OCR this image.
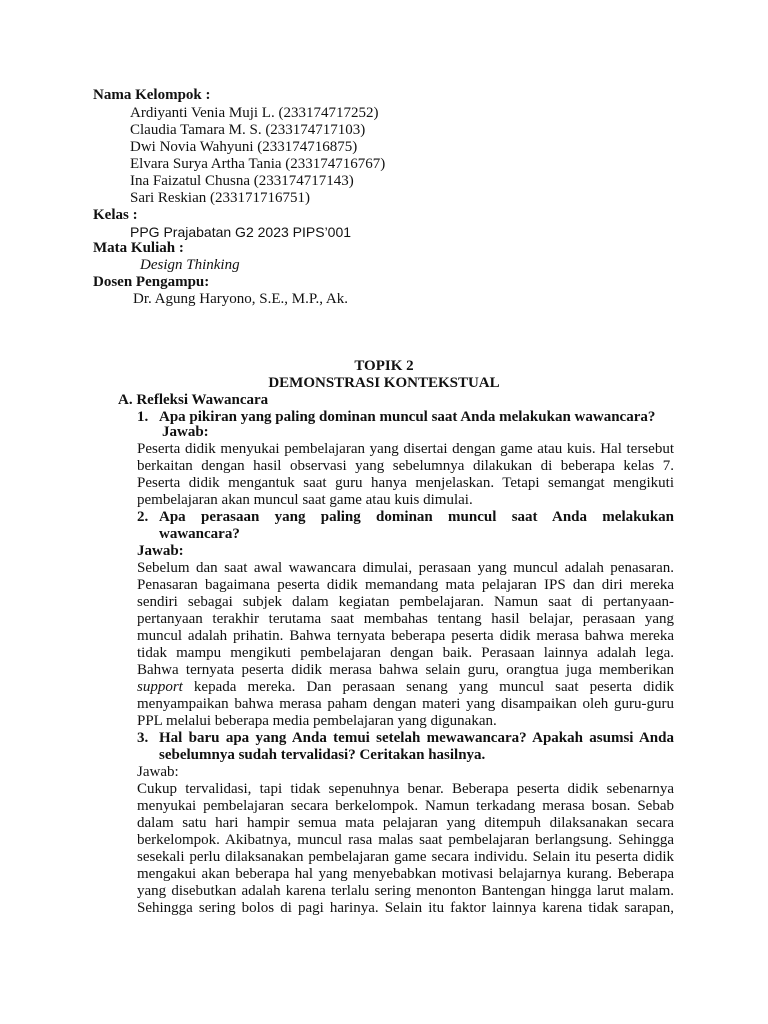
Nama Kelompok :
Ardiyanti Venia Muji L. (233174717252)
Claudia Tamara M. S. (233174717103)
Dwi Novia Wahyuni (233174716875)
Elvara Surya Artha Tania (233174716767)
Ina Faizatul Chusna (233174717143)
Sari Reskian (233171716751)
Kelas :
PPG Prajabatan G2 2023 PIPS’001
Mata Kuliah :
Design Thinking
Dosen Pengampu:
Dr. Agung Haryono, S.E., M.P., Ak.
TOPIK 2
DEMONSTRASI KONTEKSTUAL
A. Refleksi Wawancara
1. Apa pikiran yang paling dominan muncul saat Anda melakukan wawancara?
Jawab:
Peserta didik menyukai pembelajaran yang disertai dengan game atau kuis. Hal tersebut
berkaitan dengan hasil observasi yang sebelumnya dilakukan di beberapa kelas 7.
Peserta didik mengantuk saat guru hanya menjelaskan. Tetapi semangat mengikuti
pembelajaran akan muncul saat game atau kuis dimulai.
2. Apa perasaan yang paling dominan muncul saat Anda melakukan
wawancara?
Jawab:
Sebelum dan saat awal wawancara dimulai, perasaan yang muncul adalah penasaran.
Penasaran bagaimana peserta didik memandang mata pelajaran IPS dan diri mereka
sendiri sebagai subjek dalam kegiatan pembelajaran. Namun saat di pertanyaan-
pertanyaan terakhir terutama saat membahas tentang hasil belajar, perasaan yang
muncul adalah prihatin. Bahwa ternyata beberapa peserta didik merasa bahwa mereka
tidak mampu mengikuti pembelajaran dengan baik. Perasaan lainnya adalah lega.
Bahwa ternyata peserta didik merasa bahwa selain guru, orangtua juga memberikan
support kepada mereka. Dan perasaan senang yang muncul saat peserta didik
menyampaikan bahwa merasa paham dengan materi yang disampaikan oleh guru-guru
PPL melalui beberapa media pembelajaran yang digunakan.
3. Hal baru apa yang Anda temui setelah mewawancara? Apakah asumsi Anda
sebelumnya sudah tervalidasi? Ceritakan hasilnya.
Jawab:
Cukup tervalidasi, tapi tidak sepenuhnya benar. Beberapa peserta didik sebenarnya
menyukai pembelajaran secara berkelompok. Namun terkadang merasa bosan. Sebab
dalam satu hari hampir semua mata pelajaran yang ditempuh dilaksanakan secara
berkelompok. Akibatnya, muncul rasa malas saat pembelajaran berlangsung. Sehingga
sesekali perlu dilaksanakan pembelajaran game secara individu. Selain itu peserta didik
mengakui akan beberapa hal yang menyebabkan motivasi belajarnya kurang. Beberapa
yang disebutkan adalah karena terlalu sering menonton Bantengan hingga larut malam.
Sehingga sering bolos di pagi harinya. Selain itu faktor lainnya karena tidak sarapan,
